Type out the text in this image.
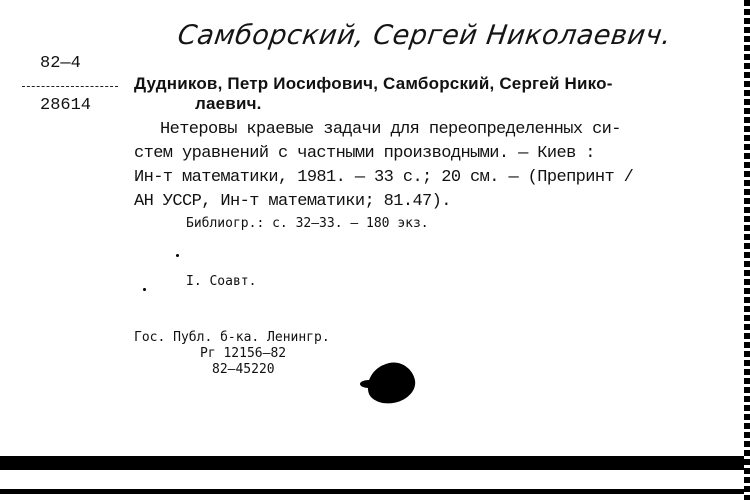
Самборский, Сергей Николаевич.
82—4
28614
Дудников, Петр Иосифович, Самборский, Сергей Нико-
лаевич.
Нетеровы краевые задачи для переопределенных си-
стем уравнений с частными производными. — Киев :
Ин-т математики, 1981. — 33 с.; 20 см. — (Препринт /
АН УССР, Ин-т математики; 81.47).
Библиогр.: с. 32—33. — 180 экз.
I. Соавт.
Гос. Публ. б-ка. Ленингр.
Рг 12156—82
82—45220
